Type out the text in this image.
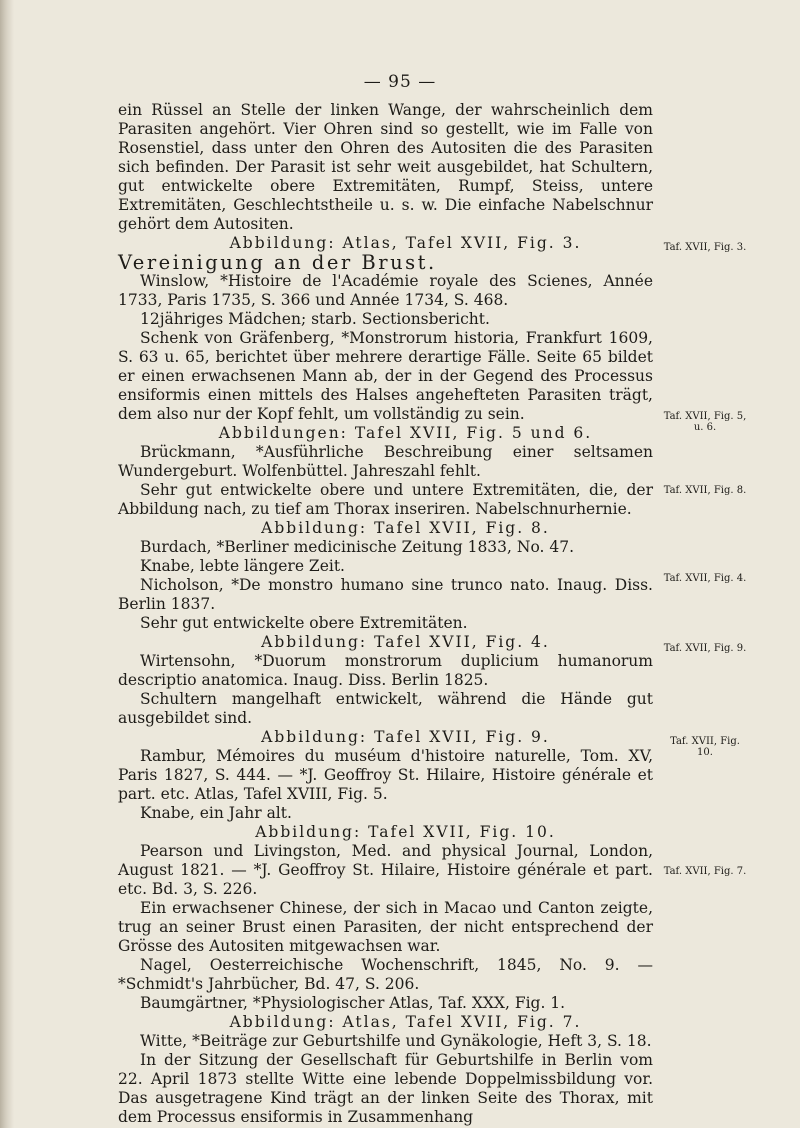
— 95 —

ein Rüssel an Stelle der linken Wange, der wahrscheinlich dem Parasiten angehört. Vier Ohren sind so gestellt, wie im Falle von Rosenstiel, dass unter den Ohren des Autositen die des Parasiten sich befinden. Der Parasit ist sehr weit ausgebildet, hat Schultern, gut entwickelte obere Extremitäten, Rumpf, Steiss, untere Extremitäten, Geschlechtstheile u. s. w. Die einfache Nabelschnur gehört dem Autositen.

Abbildung: Atlas, Tafel XVII, Fig. 3.

Vereinigung an der Brust.

Winslow, *Histoire de l'Académie royale des Scienes, Année 1733, Paris 1735, S. 366 und Année 1734, S. 468.

12jähriges Mädchen; starb. Sectionsbericht.

Schenk von Gräfenberg, *Monstrorum historia, Frankfurt 1609, S. 63 u. 65, berichtet über mehrere derartige Fälle. Seite 65 bildet er einen erwachsenen Mann ab, der in der Gegend des Processus ensiformis einen mittels des Halses angehefteten Parasiten trägt, dem also nur der Kopf fehlt, um vollständig zu sein.

Abbildungen: Tafel XVII, Fig. 5 und 6.

Brückmann, *Ausführliche Beschreibung einer seltsamen Wundergeburt. Wolfenbüttel. Jahreszahl fehlt.

Sehr gut entwickelte obere und untere Extremitäten, die, der Abbildung nach, zu tief am Thorax inseriren. Nabelschnurhernie.

Abbildung: Tafel XVII, Fig. 8.

Burdach, *Berliner medicinische Zeitung 1833, No. 47.

Knabe, lebte längere Zeit.

Nicholson, *De monstro humano sine trunco nato. Inaug. Diss. Berlin 1837.

Sehr gut entwickelte obere Extremitäten.

Abbildung: Tafel XVII, Fig. 4.

Wirtensohn, *Duorum monstrorum duplicium humanorum descriptio anatomica. Inaug. Diss. Berlin 1825.

Schultern mangelhaft entwickelt, während die Hände gut ausgebildet sind.

Abbildung: Tafel XVII, Fig. 9.

Rambur, Mémoires du muséum d'histoire naturelle, Tom. XV, Paris 1827, S. 444. — *J. Geoffroy St. Hilaire, Histoire générale et part. etc. Atlas, Tafel XVIII, Fig. 5.

Knabe, ein Jahr alt.

Abbildung: Tafel XVII, Fig. 10.

Pearson und Livingston, Med. and physical Journal, London, August 1821. — *J. Geoffroy St. Hilaire, Histoire générale et part. etc. Bd. 3, S. 226.

Ein erwachsener Chinese, der sich in Macao und Canton zeigte, trug an seiner Brust einen Parasiten, der nicht entsprechend der Grösse des Autositen mitgewachsen war.

Nagel, Oesterreichische Wochenschrift, 1845, No. 9. — *Schmidt's Jahrbücher, Bd. 47, S. 206.

Baumgärtner, *Physiologischer Atlas, Taf. XXX, Fig. 1.

Abbildung: Atlas, Tafel XVII, Fig. 7.

Witte, *Beiträge zur Geburtshilfe und Gynäkologie, Heft 3, S. 18.

In der Sitzung der Gesellschaft für Geburtshilfe in Berlin vom 22. April 1873 stellte Witte eine lebende Doppelmissbildung vor. Das ausgetragene Kind trägt an der linken Seite des Thorax, mit dem Processus ensiformis in Zusammenhang

Taf. XVII, Fig. 3.
Taf. XVII, Fig. 5, u. 6.
Taf. XVII, Fig. 8.
Taf. XVII, Fig. 4.
Taf. XVII, Fig. 9.
Taf. XVII, Fig. 10.
Taf. XVII, Fig. 7.
